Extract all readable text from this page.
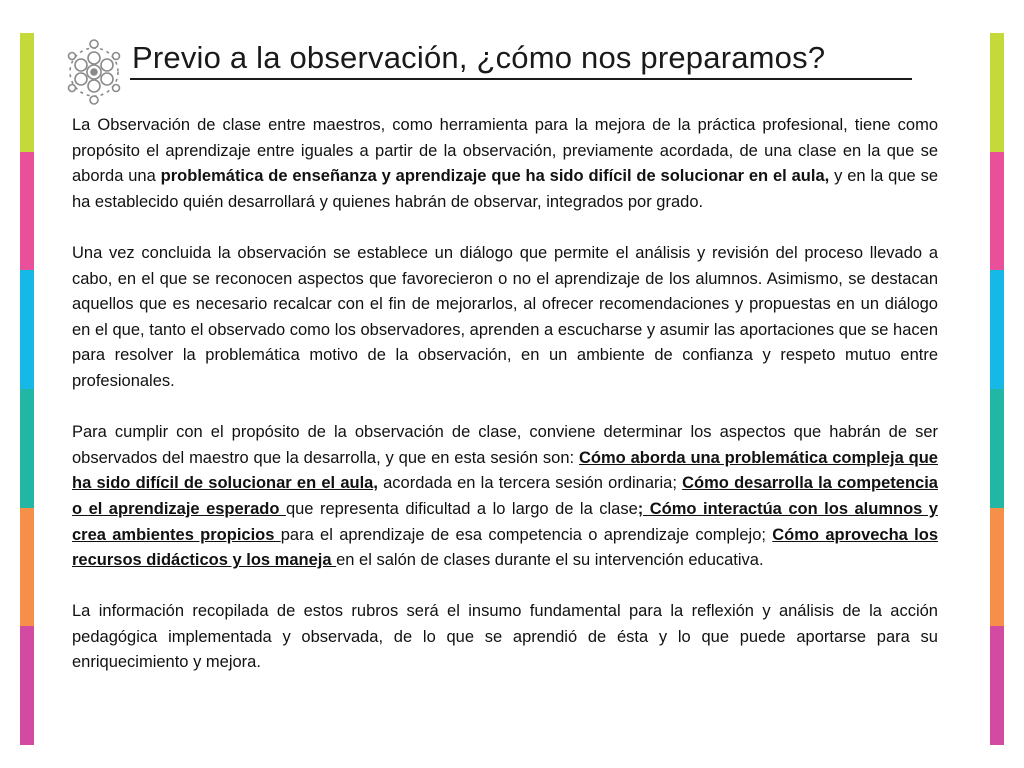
Previo a la observación, ¿cómo nos preparamos?

La Observación de clase entre maestros, como herramienta para la mejora de la práctica profesional, tiene como propósito el aprendizaje entre iguales a partir de la observación, previamente acordada, de una clase en la que se aborda una problemática de enseñanza y aprendizaje que ha sido difícil de solucionar en el aula, y en la que se ha establecido quién desarrollará y quienes habrán de observar, integrados por grado.

Una vez concluida la observación se establece un diálogo que permite el análisis y revisión del proceso llevado a cabo, en el que se reconocen aspectos que favorecieron o no el aprendizaje de los alumnos. Asimismo, se destacan aquellos que es necesario recalcar con el fin de mejorarlos, al ofrecer recomendaciones y propuestas en un diálogo en el que, tanto el observado como los observadores, aprenden a escucharse y asumir las aportaciones que se hacen para resolver la problemática motivo de la observación, en un ambiente de confianza y respeto mutuo entre profesionales.

Para cumplir con el propósito de la observación de clase, conviene determinar los aspectos que habrán de ser observados del maestro que la desarrolla, y que en esta sesión son: Cómo aborda una problemática compleja que ha sido difícil de solucionar en el aula, acordada en la tercera sesión ordinaria; Cómo desarrolla la competencia o el aprendizaje esperado que representa dificultad a lo largo de la clase; Cómo interactúa con los alumnos y crea ambientes propicios para el aprendizaje de esa competencia o aprendizaje complejo; Cómo aprovecha los recursos didácticos y los maneja en el salón de clases durante el su intervención educativa.

La información recopilada de estos rubros será el insumo fundamental para la reflexión y análisis de la acción pedagógica implementada y observada, de lo que se aprendió de ésta y lo que puede aportarse para su enriquecimiento y mejora.
